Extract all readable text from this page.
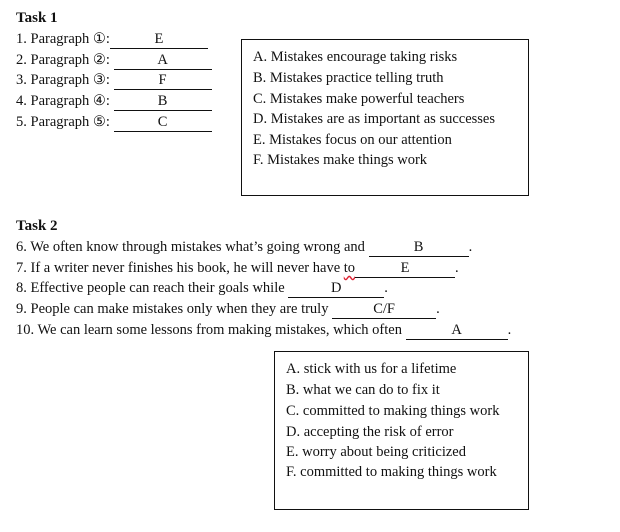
Task 1
1. Paragraph ①:	E
2. Paragraph ②:	A
3. Paragraph ③:	F
4. Paragraph ④:	B
5. Paragraph ⑤:	C
A. Mistakes encourage taking risks
B. Mistakes practice telling truth
C. Mistakes make powerful teachers
D. Mistakes are as important as successes
E. Mistakes focus on our attention
F. Mistakes make things work
Task 2
6. We often know through mistakes what’s going wrong and	B	.
7. If a writer never finishes his book, he will never have to	E	.
8. Effective people can reach their goals while	D	.
9. People can make mistakes only when they are truly	C/F	.
10. We can learn some lessons from making mistakes, which often	A	.
A. stick with us for a lifetime
B. what we can do to fix it
C. committed to making things work
D. accepting the risk of error
E. worry about being criticized
F. committed to making things work
